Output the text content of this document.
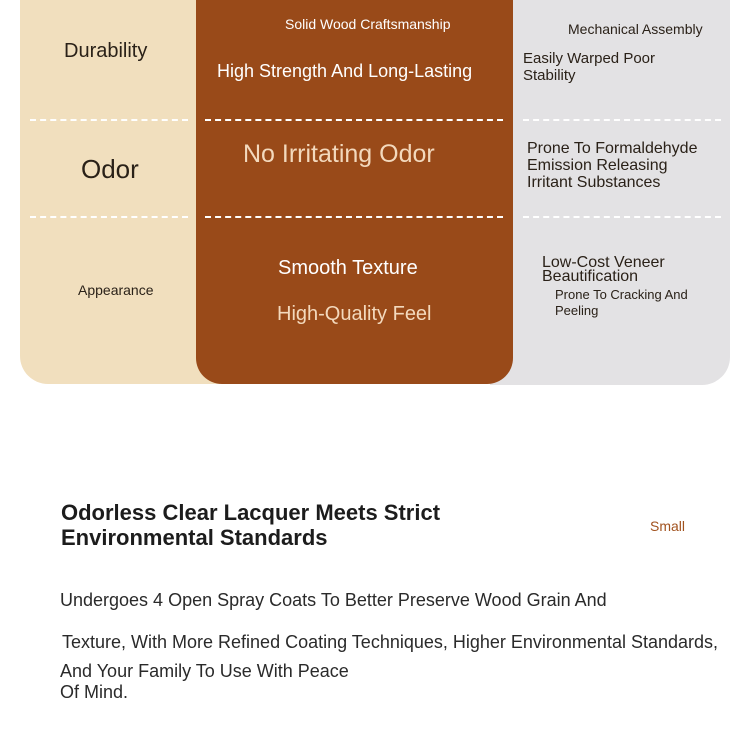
Durability

Odor

Appearance

Solid Wood Craftsmanship

High Strength And Long-Lasting

No Irritating Odor

Smooth Texture

High-Quality Feel

Mechanical Assembly

Easily Warped Poor Stability

Prone To Formaldehyde Emission Releasing Irritant Substances

Low-Cost Veneer Beautification

Prone To Cracking And Peeling

Odorless Clear Lacquer Meets Strict Environmental Standards	Small

Undergoes 4 Open Spray Coats To Better Preserve Wood Grain And

Texture, With More Refined Coating Techniques, Higher Environmental Standards,

And Your Family To Use With Peace Of Mind.
